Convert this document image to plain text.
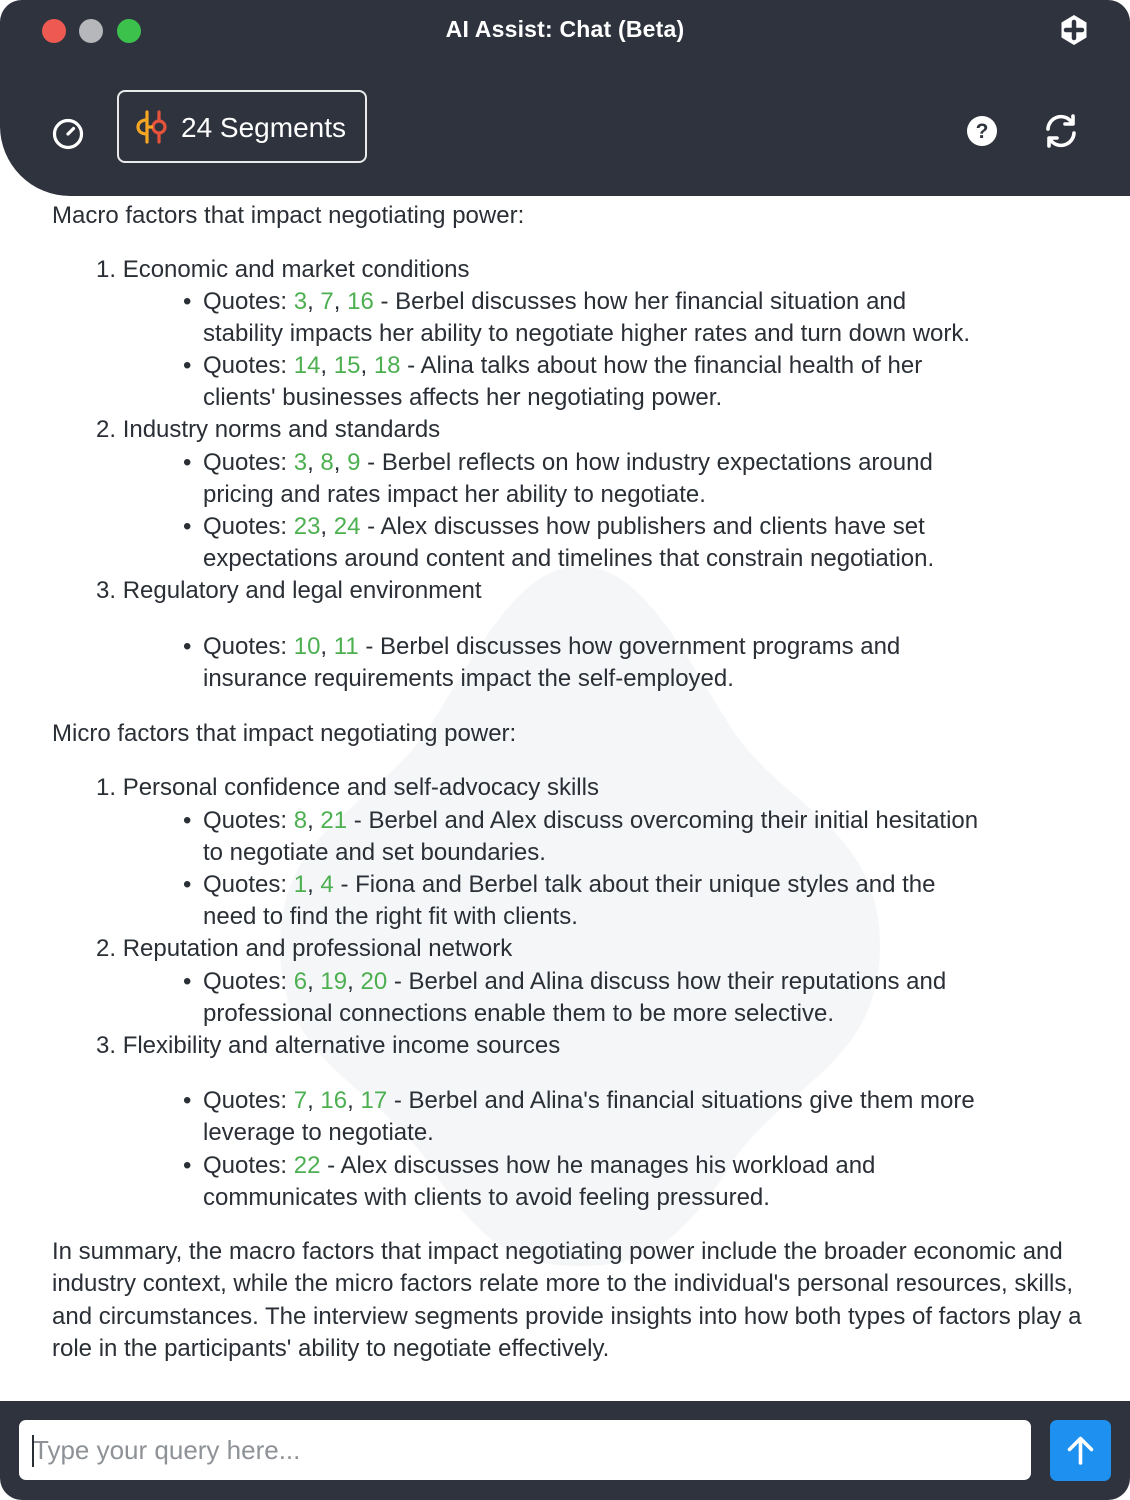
AI Assist: Chat (Beta)
24 Segments	?
Macro factors that impact negotiating power:
1. Economic and market conditions
• Quotes: 3, 7, 16 - Berbel discusses how her financial situation and
stability impacts her ability to negotiate higher rates and turn down work.
• Quotes: 14, 15, 18 - Alina talks about how the financial health of her
clients' businesses affects her negotiating power.
2. Industry norms and standards
• Quotes: 3, 8, 9 - Berbel reflects on how industry expectations around
pricing and rates impact her ability to negotiate.
• Quotes: 23, 24 - Alex discusses how publishers and clients have set
expectations around content and timelines that constrain negotiation.
3. Regulatory and legal environment
• Quotes: 10, 11 - Berbel discusses how government programs and
insurance requirements impact the self-employed.
Micro factors that impact negotiating power:
1. Personal confidence and self-advocacy skills
• Quotes: 8, 21 - Berbel and Alex discuss overcoming their initial hesitation
to negotiate and set boundaries.
• Quotes: 1, 4 - Fiona and Berbel talk about their unique styles and the
need to find the right fit with clients.
2. Reputation and professional network
• Quotes: 6, 19, 20 - Berbel and Alina discuss how their reputations and
professional connections enable them to be more selective.
3. Flexibility and alternative income sources
• Quotes: 7, 16, 17 - Berbel and Alina's financial situations give them more
leverage to negotiate.
• Quotes: 22 - Alex discusses how he manages his workload and
communicates with clients to avoid feeling pressured.
In summary, the macro factors that impact negotiating power include the broader economic and industry context, while the micro factors relate more to the individual's personal resources, skills, and circumstances. The interview segments provide insights into how both types of factors play a role in the participants' ability to negotiate effectively.
Type your query here...
